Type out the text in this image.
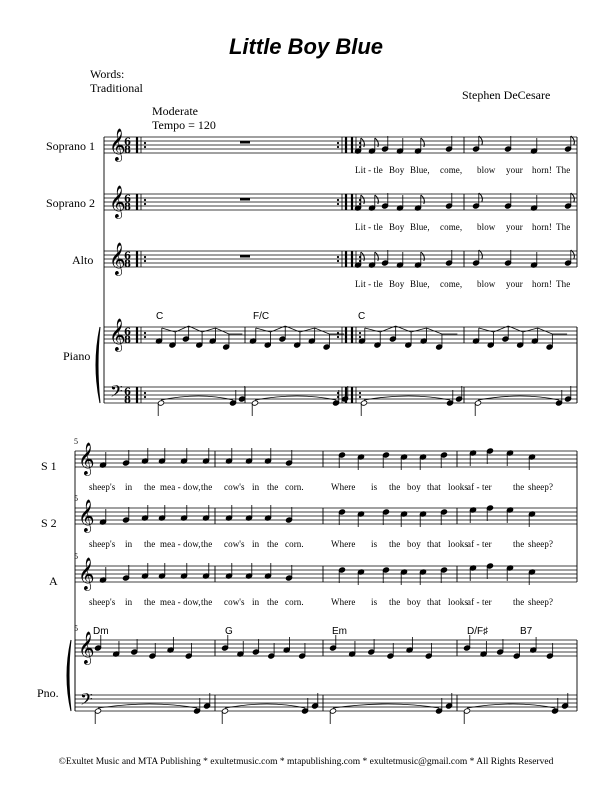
Little Boy Blue
Words:
Traditional	Stephen DeCesare
Moderate
Tempo = 120
Soprano 1
Soprano 2
Alto
Piano
C	F/C	C
S 1
S 2
A
Pno.
5
5
5
5 Dm	G	Em	D/F♯	B7
Lit - tle Boy Blue, come, blow your horn! The
Lit - tle Boy Blue, come, blow your horn! The
Lit - tle Boy Blue, come, blow your horn! The
sheep's in the mea - dow, the cow's in the corn.	Where is the boy that looks
af - ter the sheep?
sheep's in the mea - dow, the cow's in the corn.	Where is the boy that looks
af - ter the sheep?
sheep's in the mea - dow, the cow's in the corn.	Where is the boy that looks
af - ter the sheep?
𝄞
6
8
𝄞
6
8
𝄞
6
8
𝄞
6
8
𝄢 6
8
𝄞
𝄞
𝄞
𝄞
𝄢
©Exultet Music and MTA Publishing * exultetmusic.com * mtapublishing.com * exultetmusic@gmail.com * All Rights Reserved
